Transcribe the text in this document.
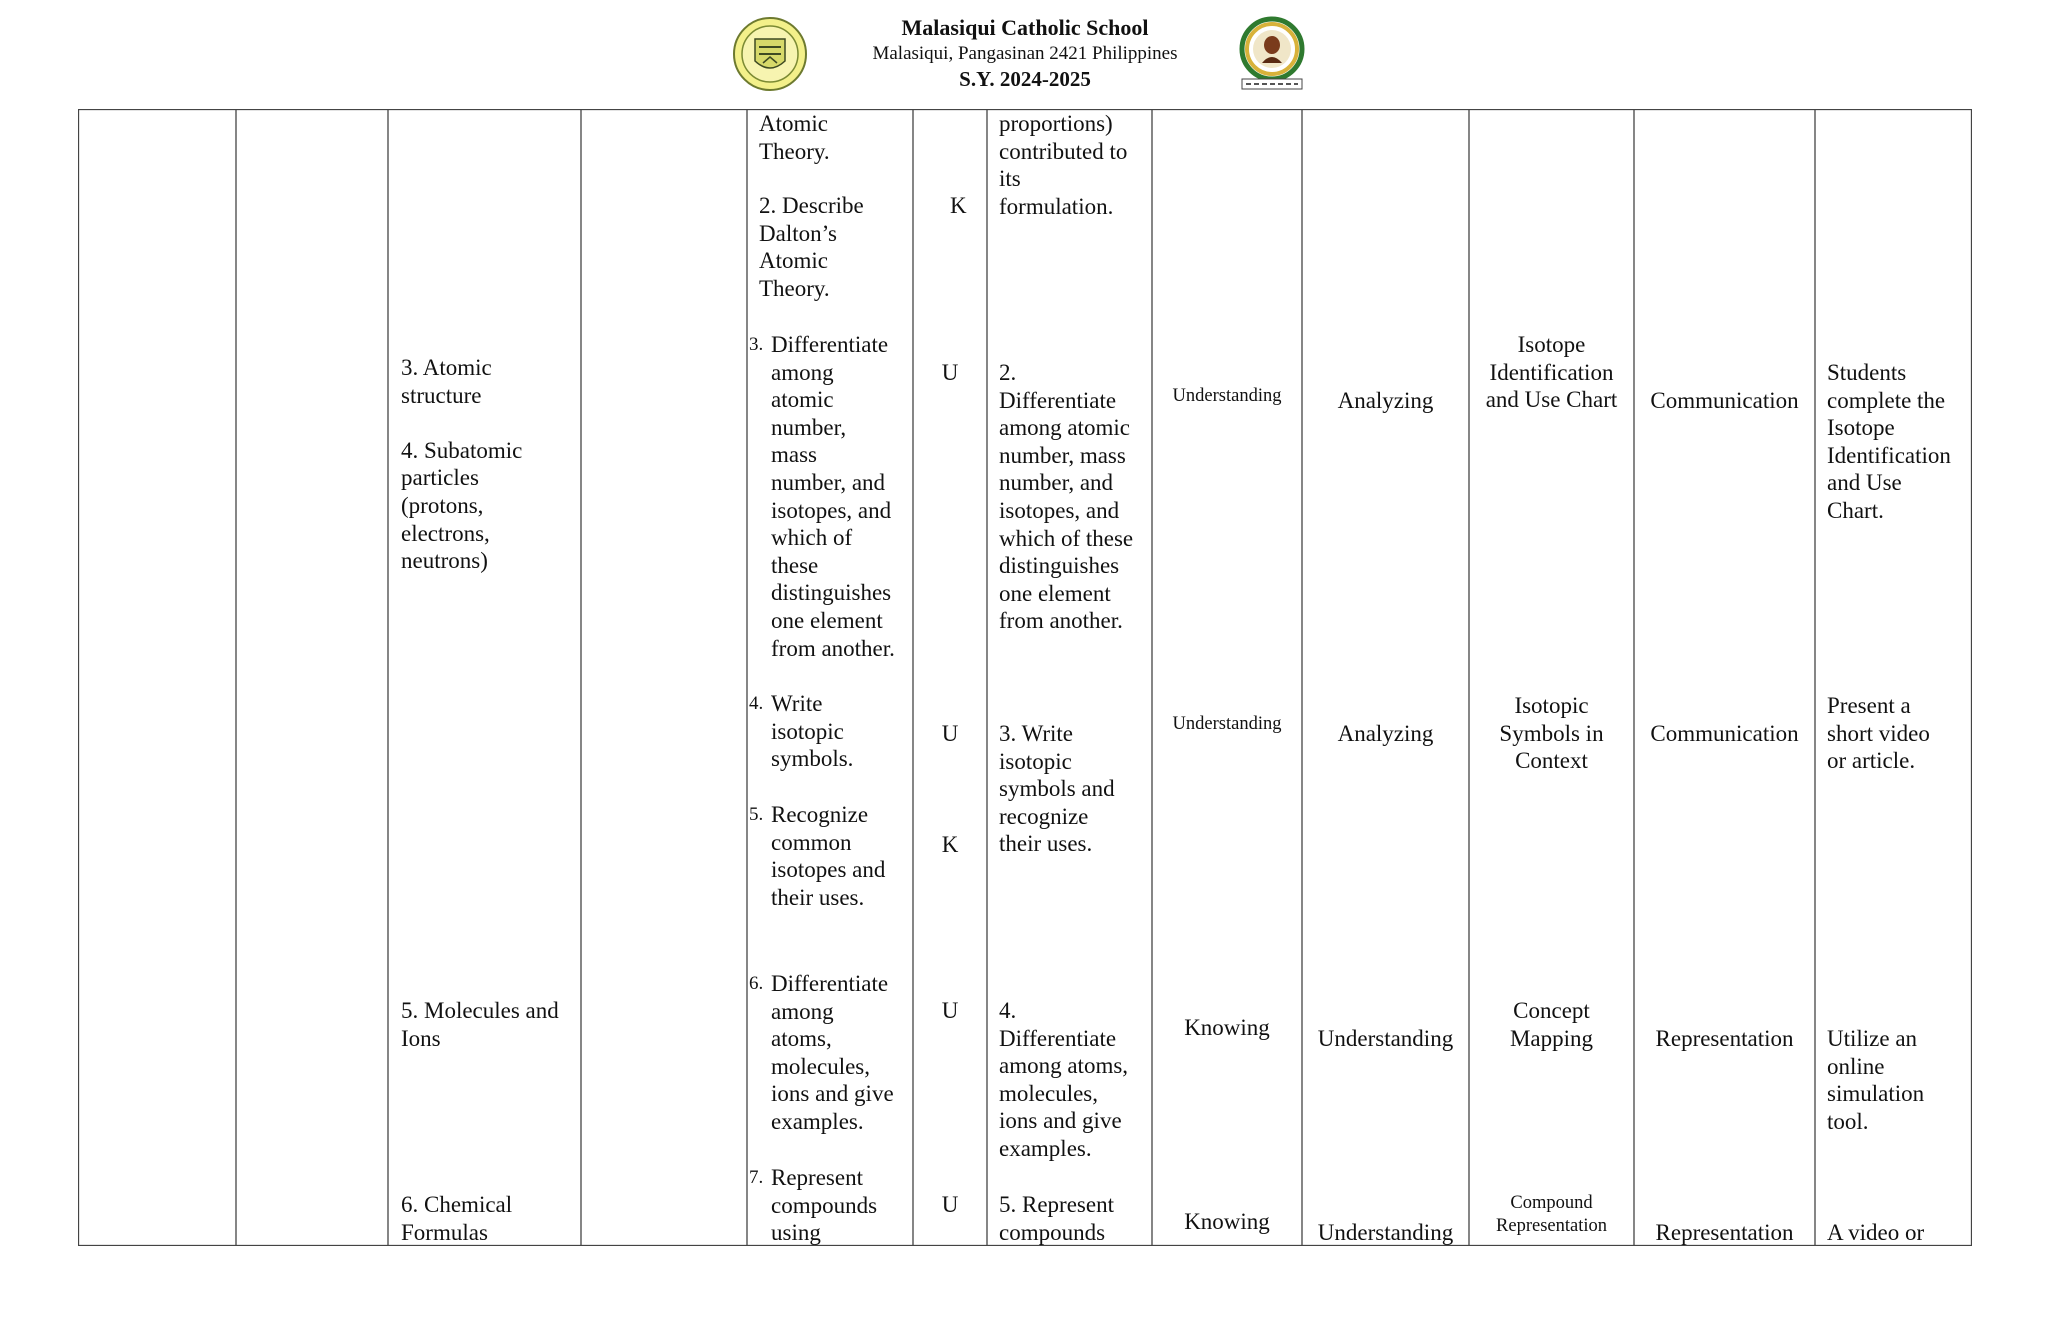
Malasiqui Catholic School
Malasiqui, Pangasinan 2421 Philippines
S.Y. 2024-2025
3. Atomic
structure

4. Subatomic
particles
(protons,
electrons,
neutrons)
5. Molecules and
Ions
6. Chemical
Formulas
Atomic
Theory.
2. Describe
Dalton’s
Atomic
Theory.
3. Differentiate
among
atomic
number,
mass
number, and
isotopes, and
which of
these
distinguishes
one element
from another.
4. Write
isotopic
symbols.
5. Recognize
common
isotopes and
their uses.
6. Differentiate
among
atoms,
molecules,
ions and give
examples.
7. Represent
compounds
using
K
U
U
K
U
U
proportions)
contributed to
its
formulation.
2.
Differentiate
among atomic
number, mass
number, and
isotopes, and
which of these
distinguishes
one element
from another.
3. Write
isotopic
symbols and
recognize
their uses.
4.
Differentiate
among atoms,
molecules,
ions and give
examples.
5. Represent
compounds
Understanding
Understanding
Knowing
Knowing
Analyzing
Analyzing
Understanding
Understanding
Isotope
Identification
and Use Chart
Isotopic
Symbols in
Context
Concept
Mapping
Compound
Representation
Communication
Communication
Representation
Representation
Students
complete the
Isotope
Identification
and Use
Chart.
Present a
short video
or article.
Utilize an
online
simulation
tool.
A video or
